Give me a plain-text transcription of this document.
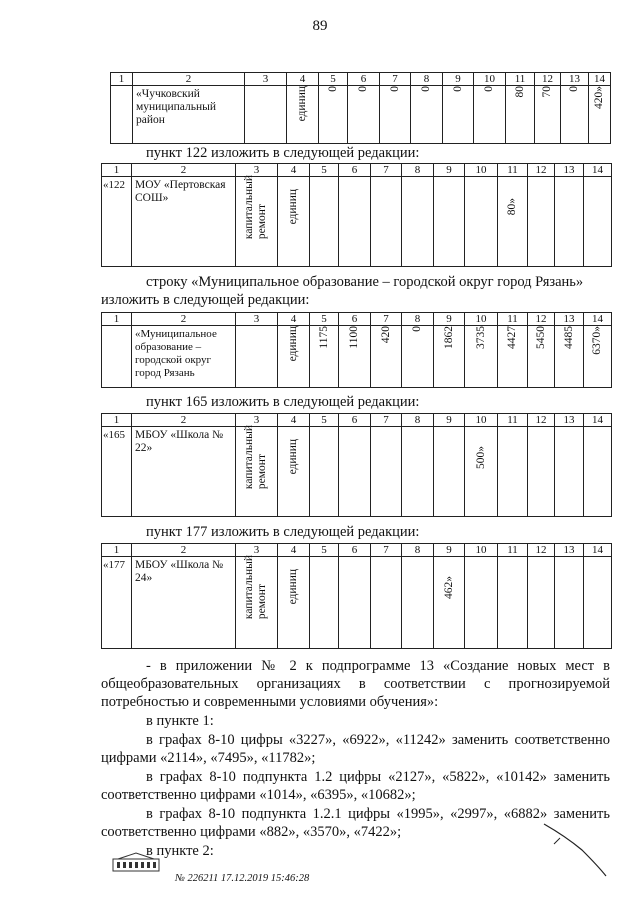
89
1	2	3	4	5	6	7	8	9	10	11	12	13	14

	«Чучковский муниципальный район		единиц	0	0	0	0	0	0	80	70	0	420»
пункт 122 изложить в следующей редакции:
1	2	3	4	5	6	7	8	9	10	11	12	13	14

«122	МОУ «Пертовская СОШ»	капитальный ремонт	единиц							80»			

строку «Муниципальное образование – городской округ город Рязань»
изложить в следующей редакции:
1	2	3	4	5	6	7	8	9	10	11	12	13	14

	«Муниципальное образование – городской округ город Рязань		единиц	1175	1100	420	0	1862	3735	4427	5450	4485	6370»
пункт 165 изложить в следующей редакции:
1	2	3	4	5	6	7	8	9	10	11	12	13	14

«165	МБОУ «Школа № 22»	капитальный ремонт	единиц						500»				

пункт 177 изложить в следующей редакции:
1	2	3	4	5	6	7	8	9	10	11	12	13	14

«177	МБОУ «Школа № 24»	капитальный ремонт	единиц					462»					

- в приложении № 2 к подпрограмме 13 «Создание новых мест в
общеобразовательных организациях в соответствии с прогнозируемой
потребностью и современными условиями обучения»:
в пункте 1:
в графах 8-10 цифры «3227», «6922», «11242» заменить соответственно
цифрами «2114», «7495», «11782»;
в графах 8-10 подпункта 1.2 цифры «2127», «5822», «10142» заменить
соответственно цифрами «1014», «6395», «10682»;
в графах 8-10 подпункта 1.2.1 цифры «1995», «2997», «6882» заменить
соответственно цифрами «882», «3570», «7422»;
в пункте 2:
№ 226211 17.12.2019 15:46:28
